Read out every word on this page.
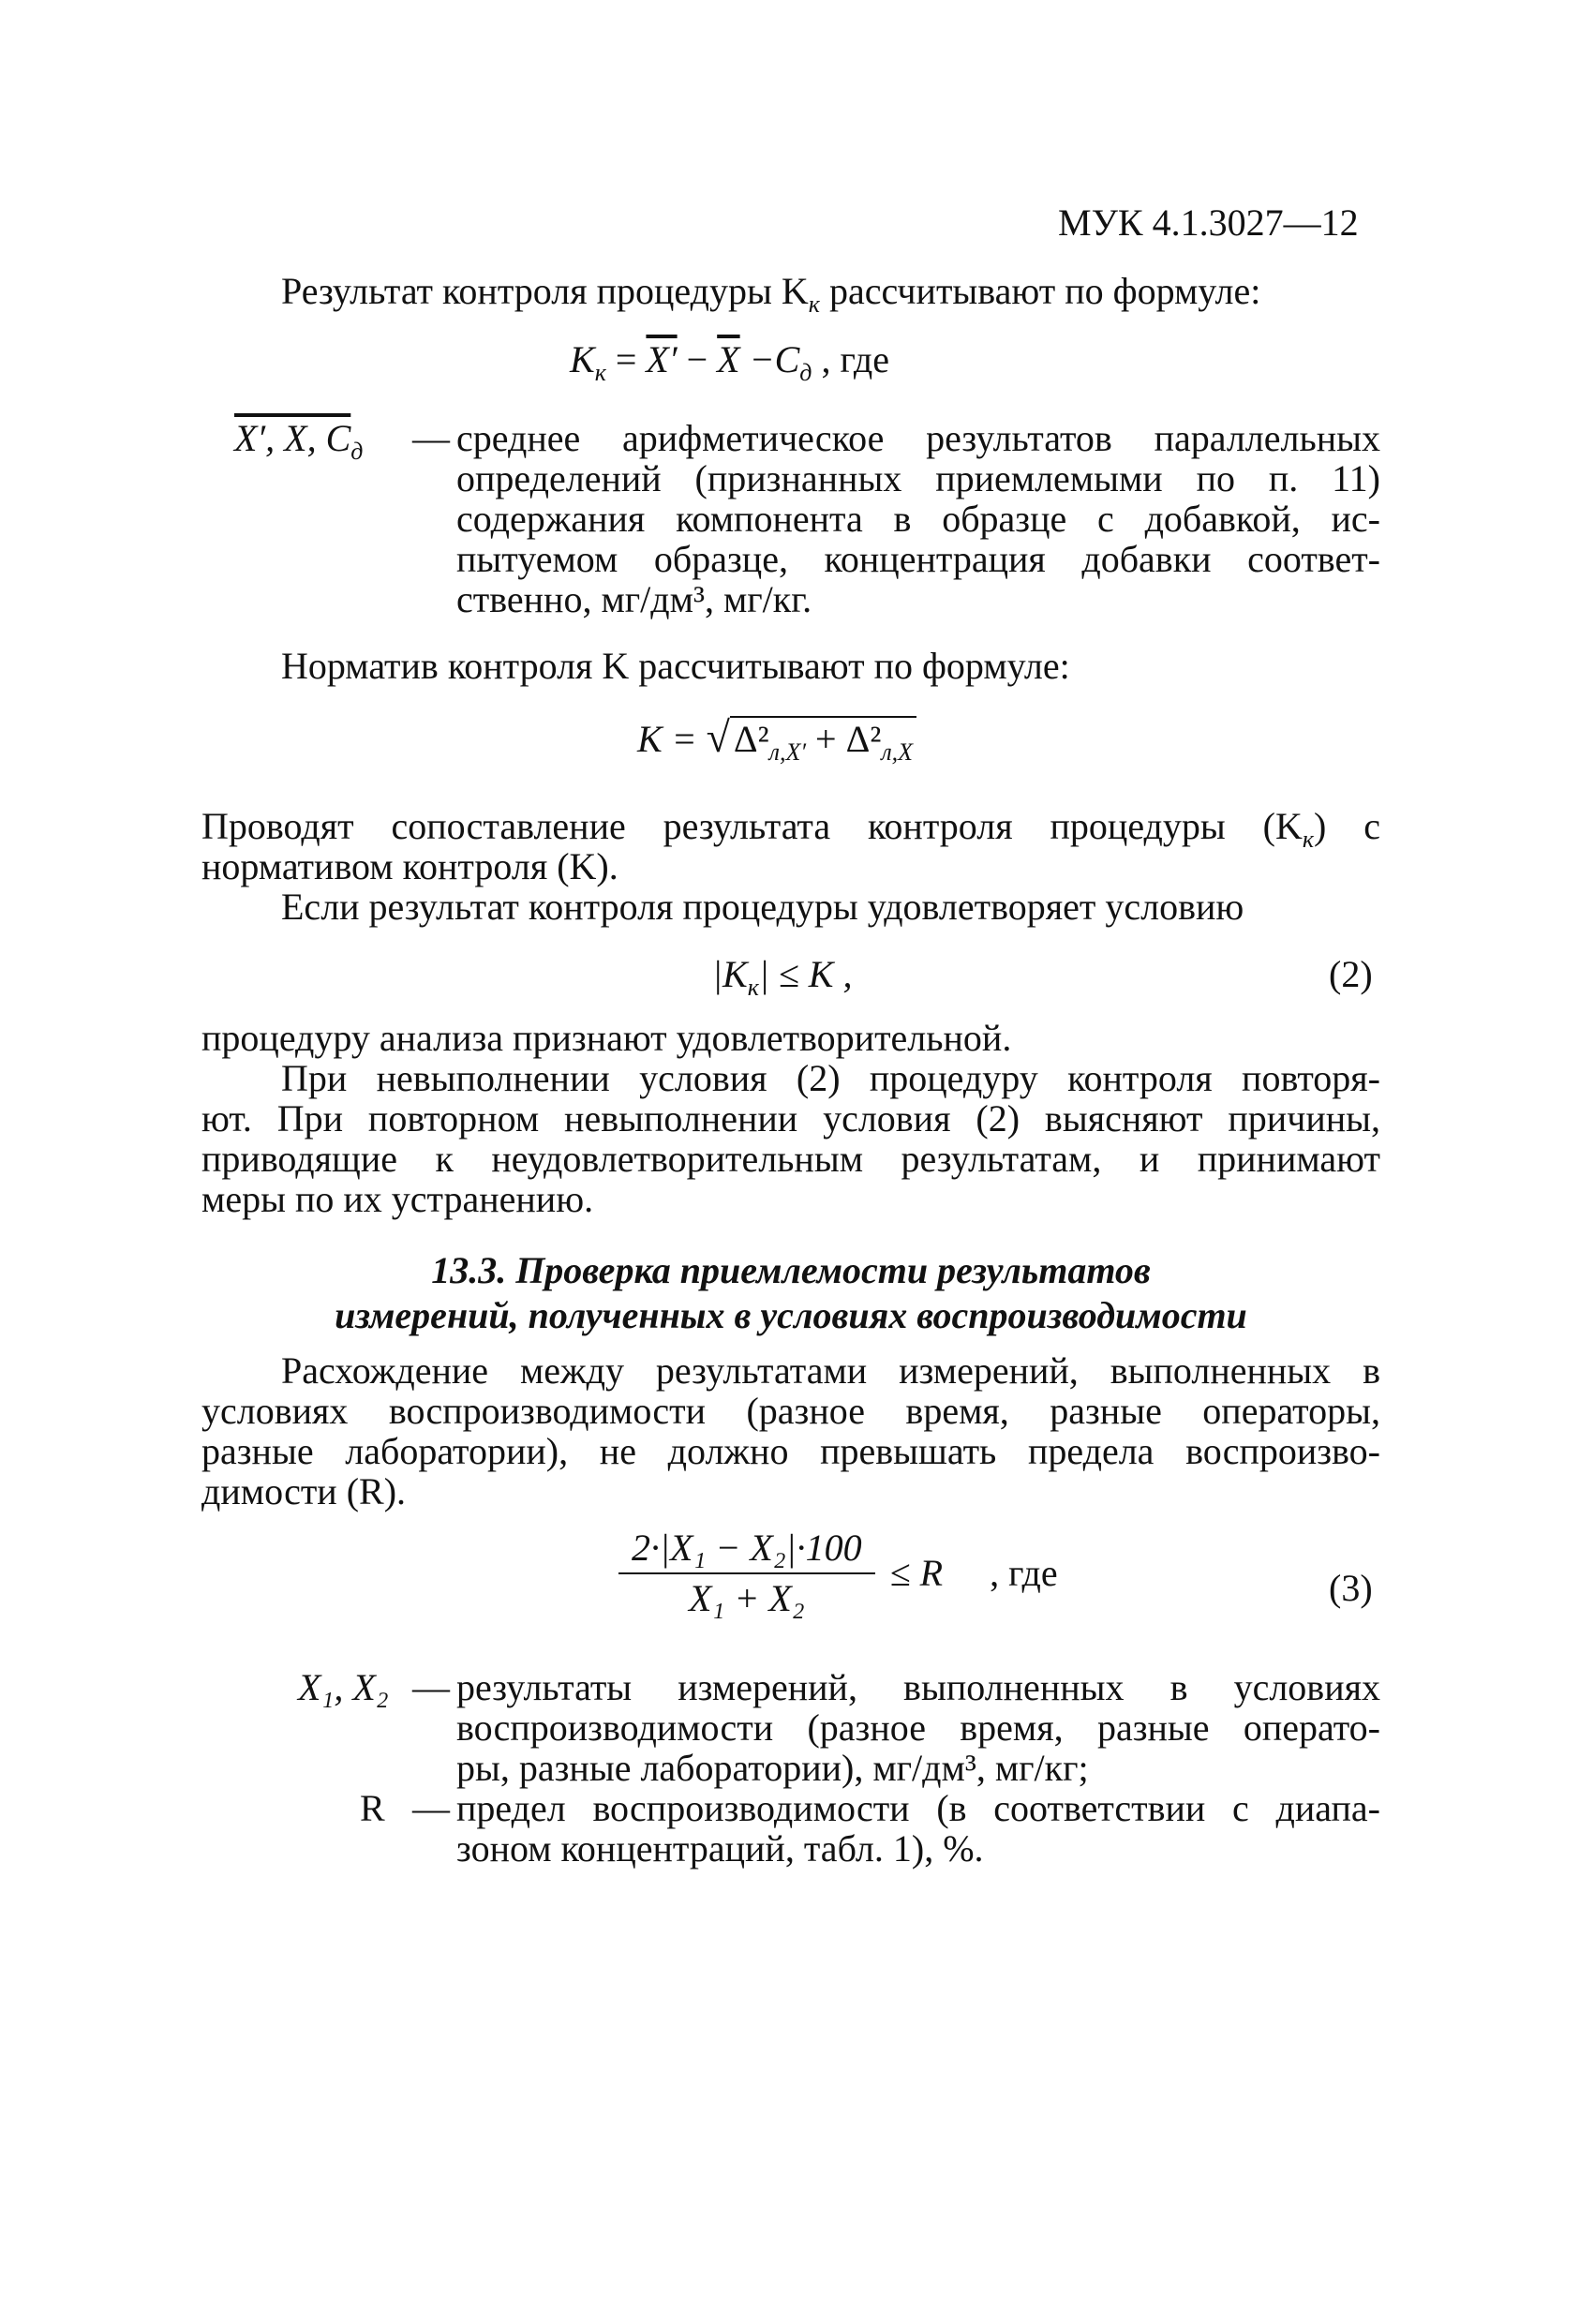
МУК 4.1.3027—12
Результат контроля процедуры $K_к$ рассчитывают по формуле:
$K_к = X' - \overline{X} -C_д$ , где
X′, X, $C_д$ — среднее арифметическое результатов параллельных
определений (признанных приемлемыми по п. 11)
содержания компонента в образце с добавкой, ис-
пытуемом образце, концентрация добавки соответ-
ственно, мг/дм³, мг/кг.
Норматив контроля K рассчитывают по формуле:
K = √ $\Delta^2_{л,X'} + \Delta^2_{л,X}$
Проводят сопоставление результата контроля процедуры $(K_к)$ с
нормативом контроля (K).
Если результат контроля процедуры удовлетворяет условию
$|K_к| \le K$ ,	(2)
процедуру анализа признают удовлетворительной.
При невыполнении условия (2) процедуру контроля повторя-
ют. При повторном невыполнении условия (2) выясняют причины,
приводящие к неудовлетворительным результатам, и принимают
меры по их устранению.
13.3. Проверка приемлемости результатов
измерений, полученных в условиях воспроизводимости
Расхождение между результатами измерений, выполненных в
условиях воспроизводимости (разное время, разные операторы,
разные лаборатории), не должно превышать предела воспроизво-
димости (R).
$\frac{\text{2·|X₁ − X₂|·100}}{\text{X₁ + X₂}} \le R$ , где	(3)
X₁, X₂ — результаты измерений, выполненных в условиях
воспроизводимости (разное время, разные операто-
ры, разные лаборатории), мг/дм³, мг/кг;
R — предел воспроизводимости (в соответствии с диапа-
зоном концентраций, табл. 1), %.
